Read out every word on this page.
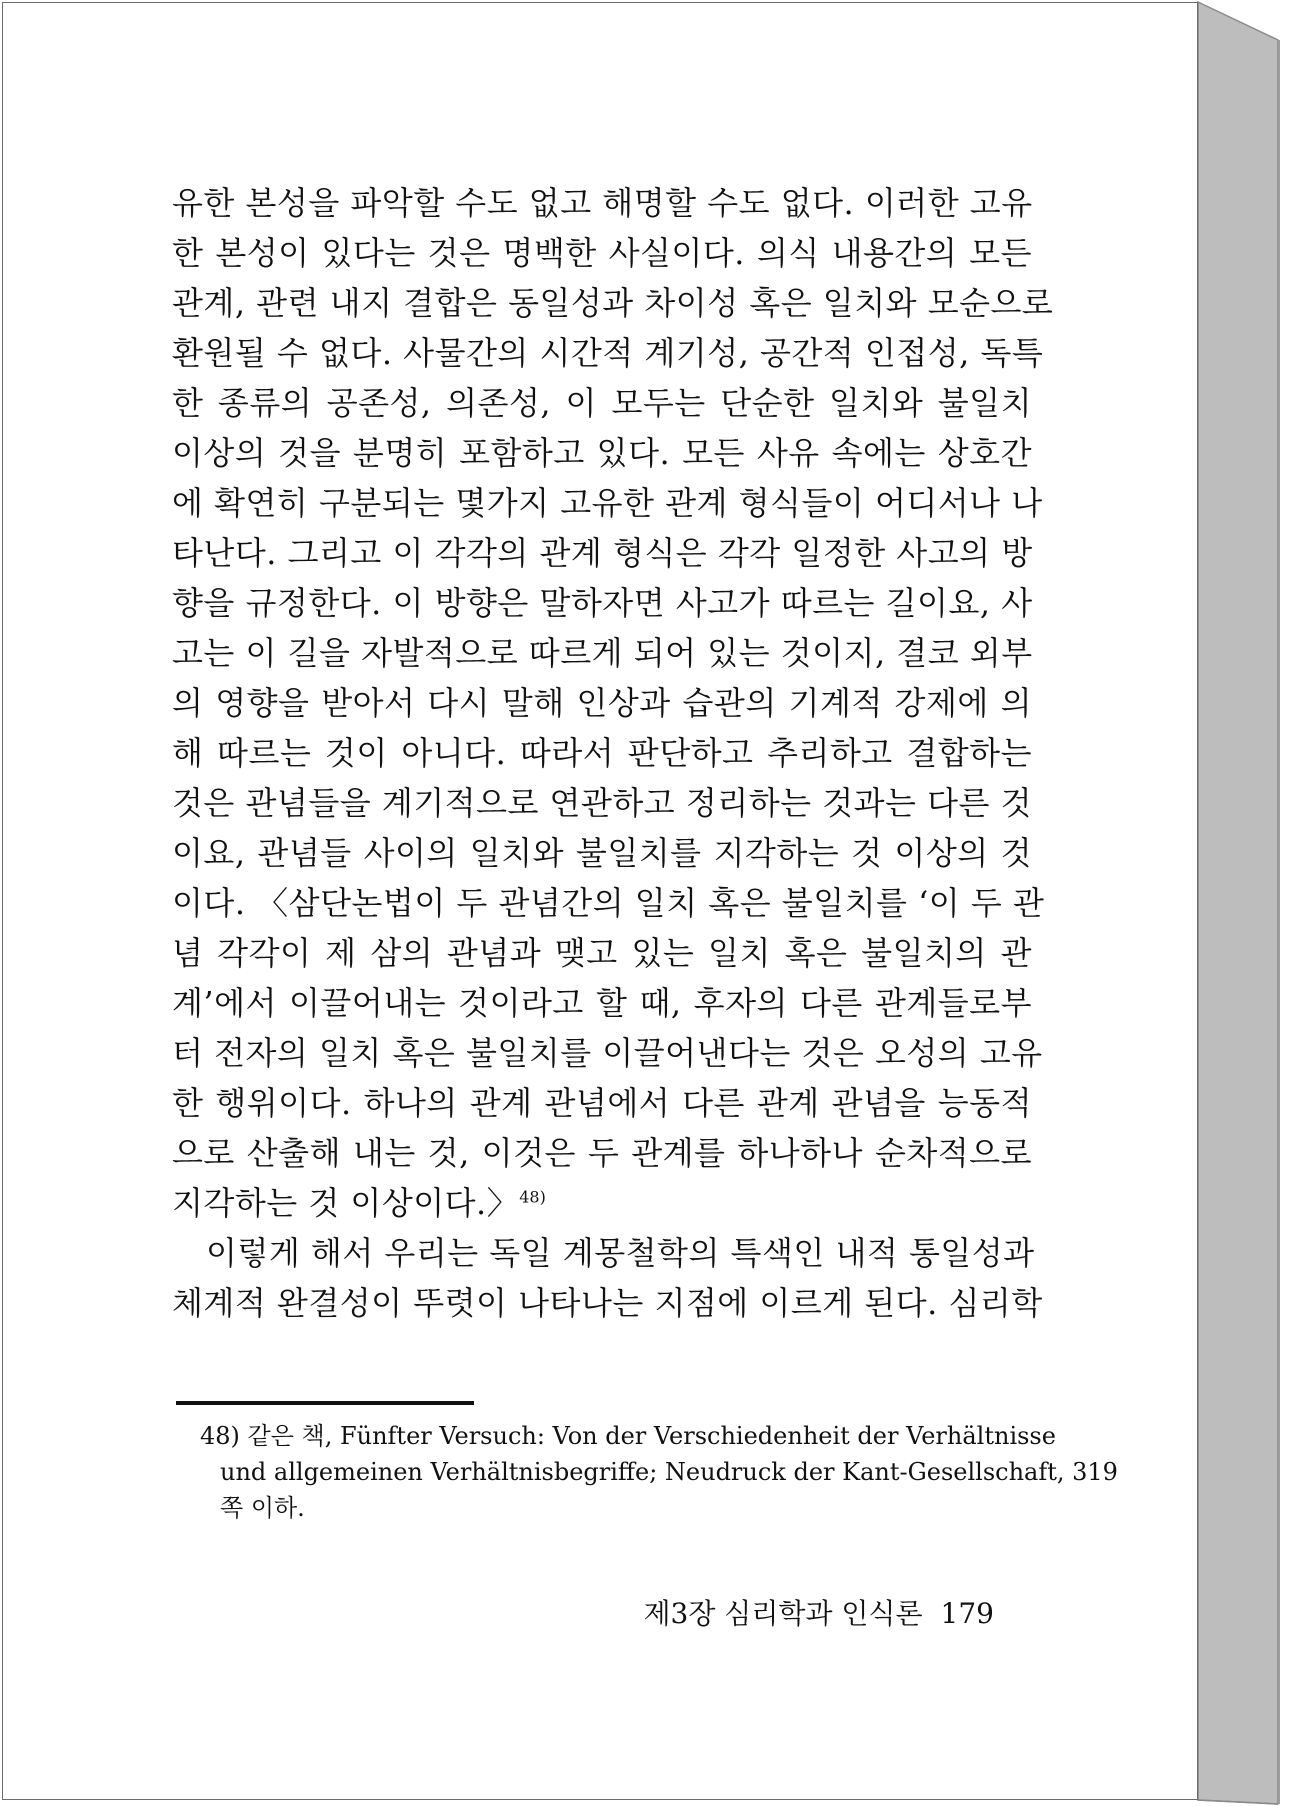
유한 본성을 파악할 수도 없고 해명할 수도 없다. 이러한 고유
한 본성이 있다는 것은 명백한 사실이다. 의식 내용간의 모든
관계, 관련 내지 결합은 동일성과 차이성 혹은 일치와 모순으로
환원될 수 없다. 사물간의 시간적 계기성, 공간적 인접성, 독특
한 종류의 공존성, 의존성, 이 모두는 단순한 일치와 불일치
이상의 것을 분명히 포함하고 있다. 모든 사유 속에는 상호간
에 확연히 구분되는 몇가지 고유한 관계 형식들이 어디서나 나
타난다. 그리고 이 각각의 관계 형식은 각각 일정한 사고의 방
향을 규정한다. 이 방향은 말하자면 사고가 따르는 길이요, 사
고는 이 길을 자발적으로 따르게 되어 있는 것이지, 결코 외부
의 영향을 받아서 다시 말해 인상과 습관의 기계적 강제에 의
해 따르는 것이 아니다. 따라서 판단하고 추리하고 결합하는
것은 관념들을 계기적으로 연관하고 정리하는 것과는 다른 것
이요, 관념들 사이의 일치와 불일치를 지각하는 것 이상의 것
이다. 〈삼단논법이 두 관념간의 일치 혹은 불일치를 ‘이 두 관
념 각각이 제 삼의 관념과 맺고 있는 일치 혹은 불일치의 관
계’에서 이끌어내는 것이라고 할 때, 후자의 다른 관계들로부
터 전자의 일치 혹은 불일치를 이끌어낸다는 것은 오성의 고유
한 행위이다. 하나의 관계 관념에서 다른 관계 관념을 능동적
으로 산출해 내는 것, 이것은 두 관계를 하나하나 순차적으로
지각하는 것 이상이다.〉$^{48)}$
이렇게 해서 우리는 독일 계몽철학의 특색인 내적 통일성과
체계적 완결성이 뚜렷이 나타나는 지점에 이르게 된다. 심리학
48) 같은 책, Fünfter Versuch: Von der Verschiedenheit der Verhältnisse
und allgemeinen Verhältnisbegriffe; Neudruck der Kant-Gesellschaft, 319
쪽 이하.
제3장 심리학과 인식론 179
